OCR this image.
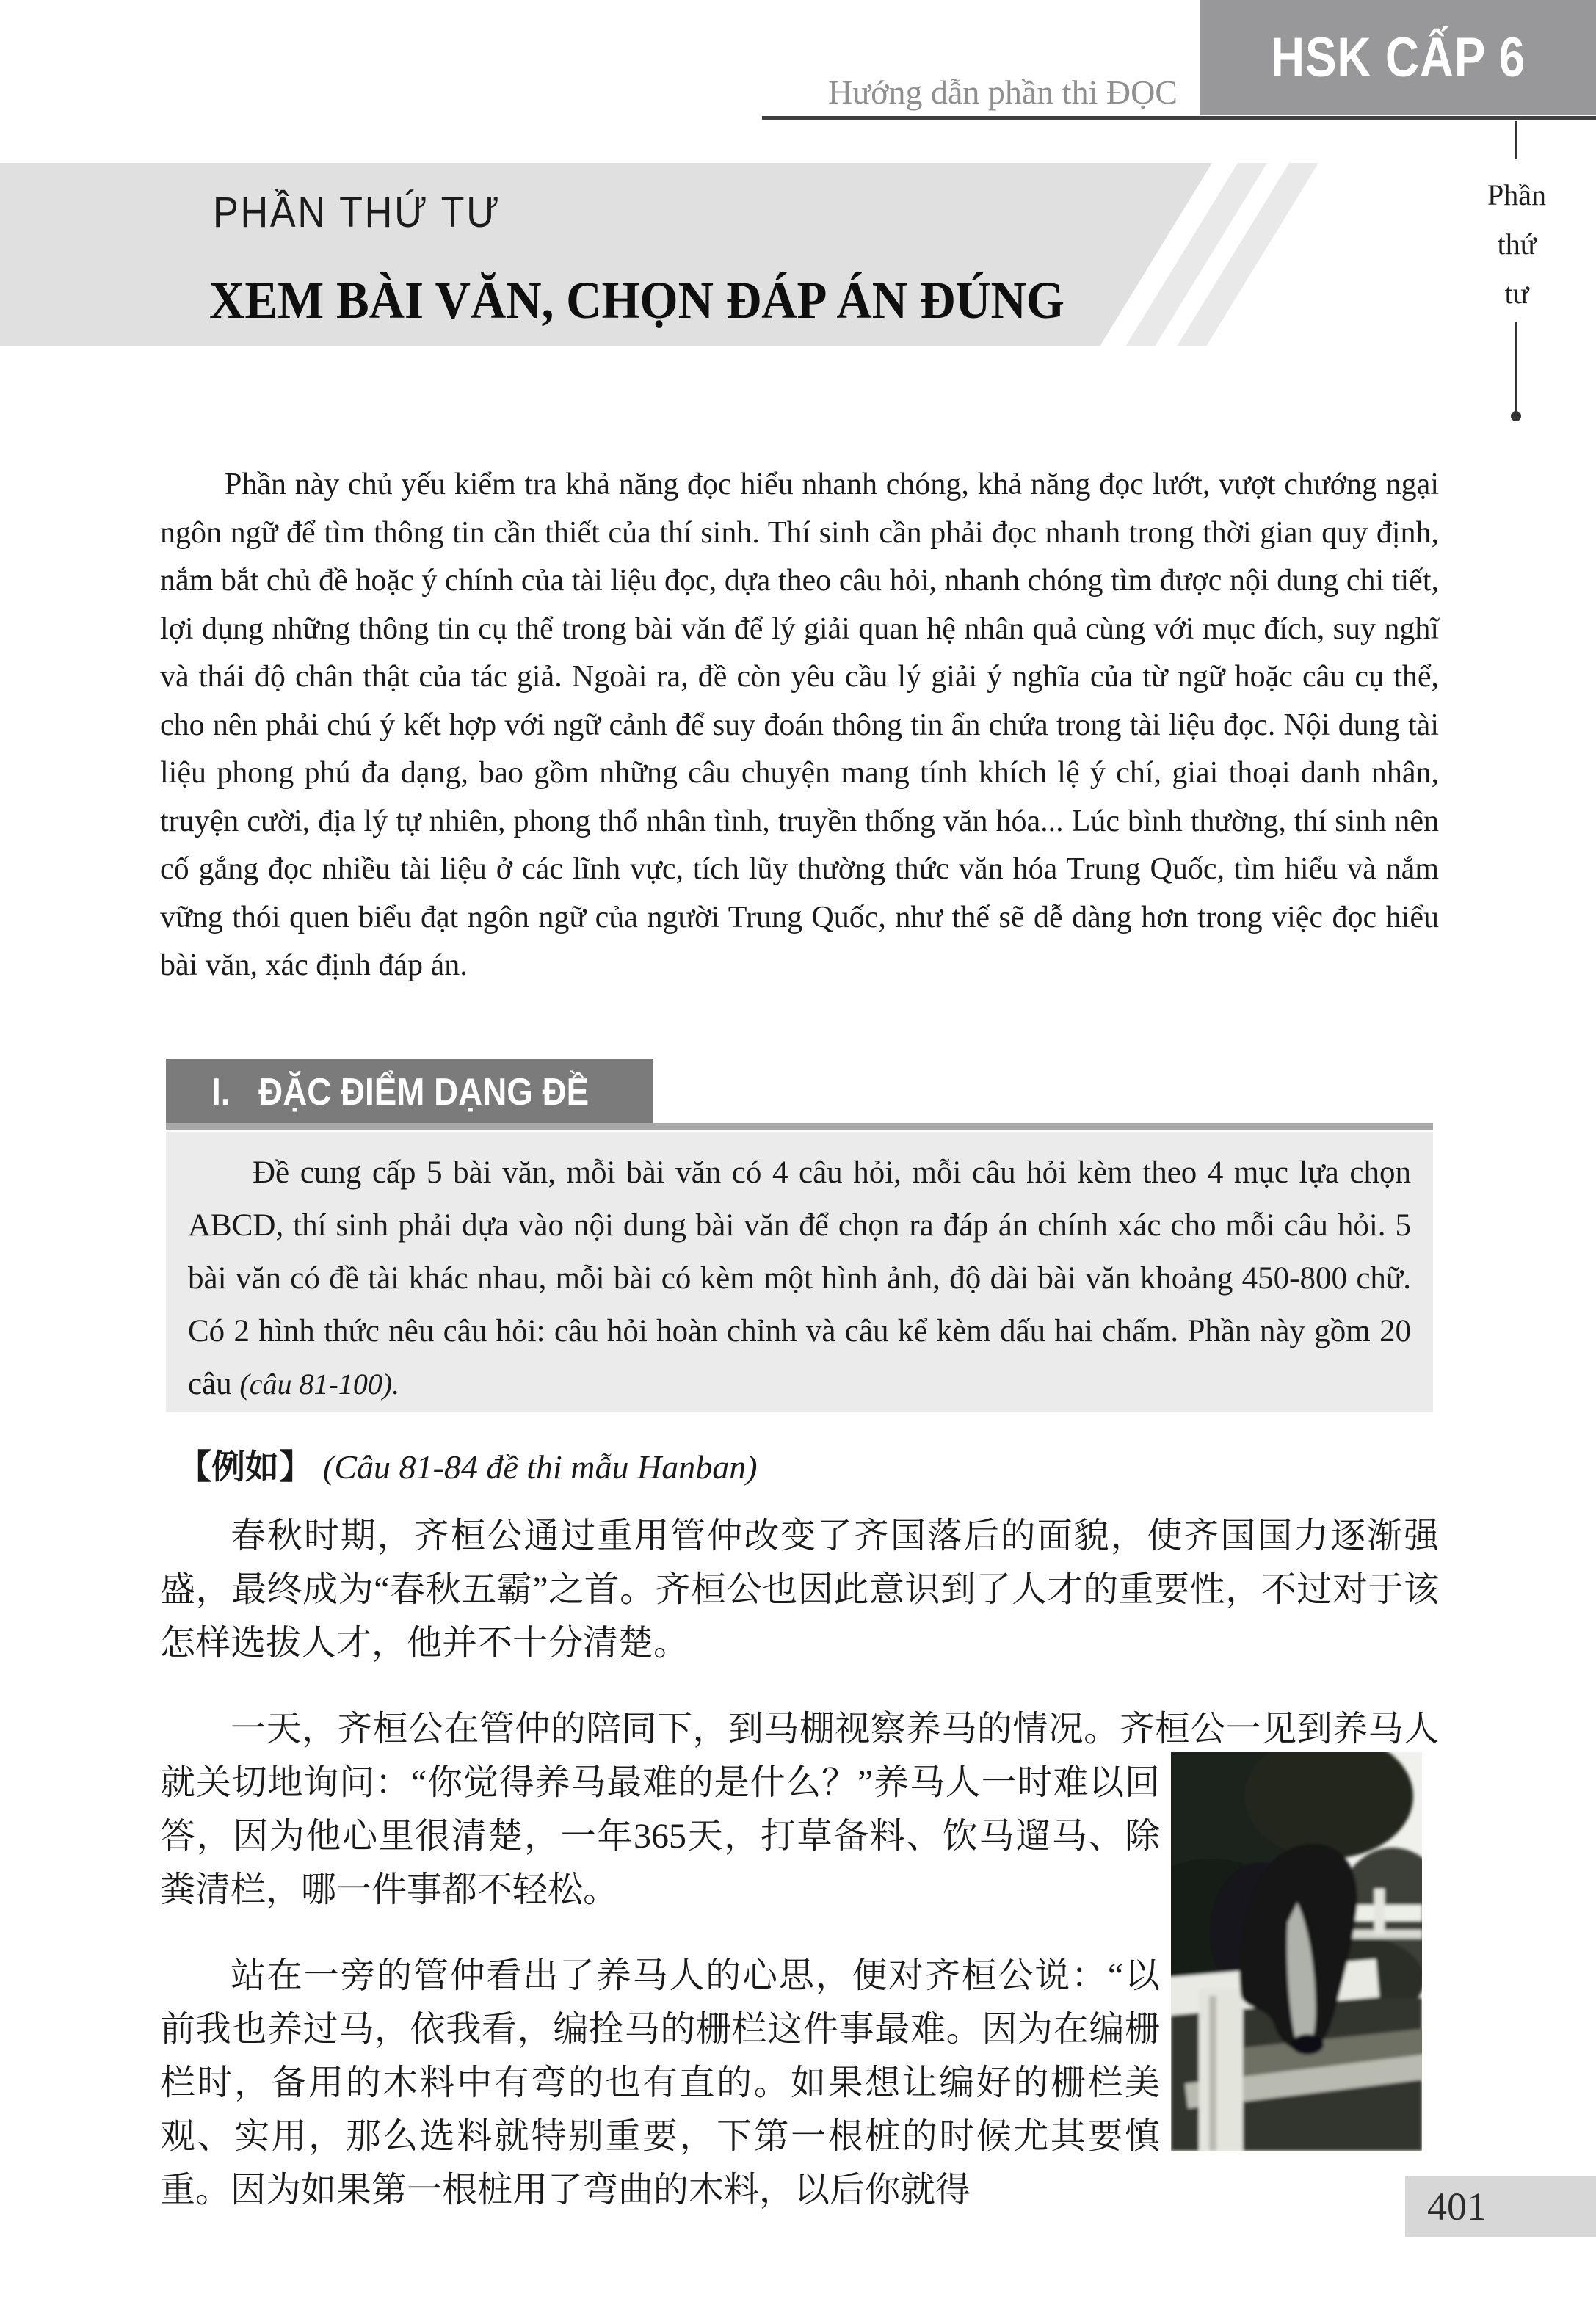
HSK CẤP 6
Hướng dẫn phần thi ĐỌC
Phần
thứ
tư
PHẦN THỨ TƯ
XEM BÀI VĂN, CHỌN ĐÁP ÁN ĐÚNG

Phần này chủ yếu kiểm tra khả năng đọc hiểu nhanh chóng, khả năng đọc lướt, vượt chướng ngại ngôn ngữ để tìm thông tin cần thiết của thí sinh. Thí sinh cần phải đọc nhanh trong thời gian quy định, nắm bắt chủ đề hoặc ý chính của tài liệu đọc, dựa theo câu hỏi, nhanh chóng tìm được nội dung chi tiết, lợi dụng những thông tin cụ thể trong bài văn để lý giải quan hệ nhân quả cùng với mục đích, suy nghĩ và thái độ chân thật của tác giả. Ngoài ra, đề còn yêu cầu lý giải ý nghĩa của từ ngữ hoặc câu cụ thể, cho nên phải chú ý kết hợp với ngữ cảnh để suy đoán thông tin ẩn chứa trong tài liệu đọc. Nội dung tài liệu phong phú đa dạng, bao gồm những câu chuyện mang tính khích lệ ý chí, giai thoại danh nhân, truyện cười, địa lý tự nhiên, phong thổ nhân tình, truyền thống văn hóa... Lúc bình thường, thí sinh nên cố gắng đọc nhiều tài liệu ở các lĩnh vực, tích lũy thường thức văn hóa Trung Quốc, tìm hiểu và nắm vững thói quen biểu đạt ngôn ngữ của người Trung Quốc, như thế sẽ dễ dàng hơn trong việc đọc hiểu bài văn, xác định đáp án.

I. ĐẶC ĐIỂM DẠNG ĐỀ

Đề cung cấp 5 bài văn, mỗi bài văn có 4 câu hỏi, mỗi câu hỏi kèm theo 4 mục lựa chọn ABCD, thí sinh phải dựa vào nội dung bài văn để chọn ra đáp án chính xác cho mỗi câu hỏi. 5 bài văn có đề tài khác nhau, mỗi bài có kèm một hình ảnh, độ dài bài văn khoảng 450-800 chữ. Có 2 hình thức nêu câu hỏi: câu hỏi hoàn chỉnh và câu kể kèm dấu hai chấm. Phần này gồm 20 câu (câu 81-100).

【例如】 (Câu 81-84 đề thi mẫu Hanban)

春秋时期，齐桓公通过重用管仲改变了齐国落后的面貌，使齐国国力逐渐强盛，最终成为“春秋五霸”之首。齐桓公也因此意识到了人才的重要性，不过对于该怎样选拔人才，他并不十分清楚。

一天，齐桓公在管仲的陪同下，到马棚视察养马的情况。齐桓公一见到养马人就关切地询问：“你觉得养马最难的是什么？”养马人一时难以回答，因为他心里很清楚，一年365天，打草备料、饮马遛马、除粪清栏，哪一件事都不轻松。

站在一旁的管仲看出了养马人的心思，便对齐桓公说：“以前我也养过马，依我看，编拴马的栅栏这件事最难。因为在编栅栏时，备用的木料中有弯的也有直的。如果想让编好的栅栏美观、实用，那么选料就特别重要，下第一根桩的时候尤其要慎重。因为如果第一根桩用了弯曲的木料，以后你就得	401
